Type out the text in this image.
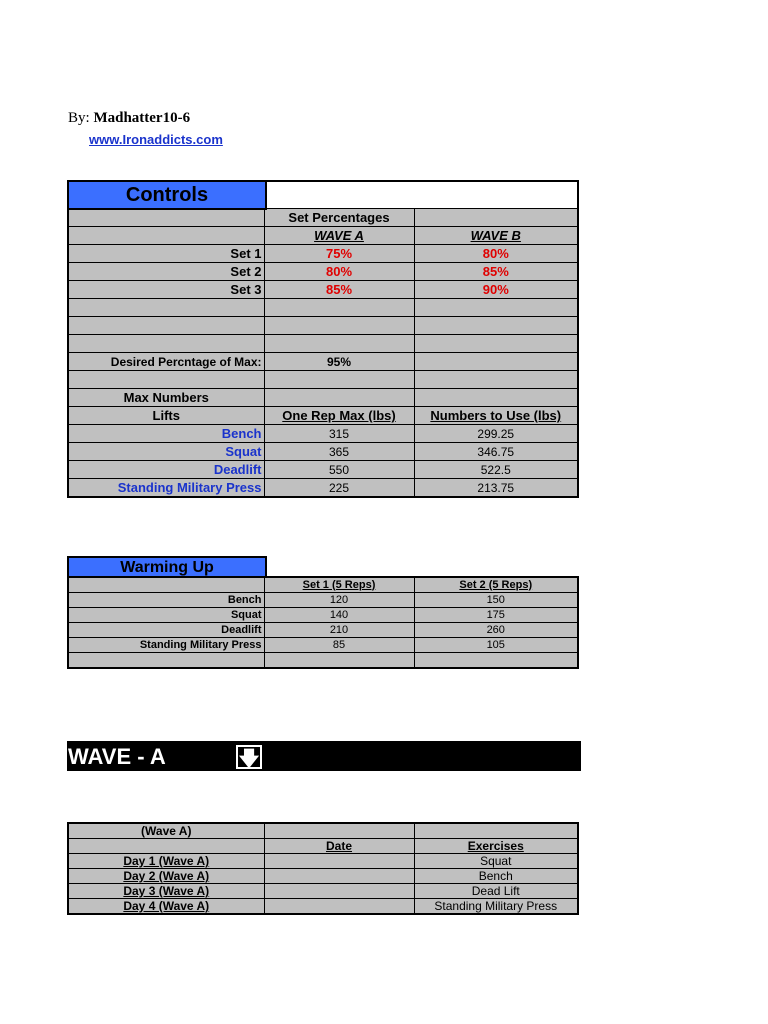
By: Madhatter10-6
www.Ironaddicts.com

	Set Percentages	
	WAVE A	WAVE B
Set 1	75%	80%
Set 2	80%	85%
Set 3	85%	90%

Desired Percntage of Max:	95%	

Max Numbers		
Lifts	One Rep Max (lbs)	Numbers to Use (lbs)
Bench	315	299.25
Squat	365	346.75
Deadlift	550	522.5
Standing Military Press	225	213.75
Controls
Warming Up
	Set 1 (5 Reps)	Set 2 (5 Reps)
Bench	120	150
Squat	140	175
Deadlift	210	260
Standing Military Press	85	105

WAVE - A	🡇
(Wave A)		
	Date	Exercises
Day 1 (Wave A)		Squat
Day 2 (Wave A)		Bench
Day 3 (Wave A)		Dead Lift
Day 4 (Wave A)		Standing Military Press
